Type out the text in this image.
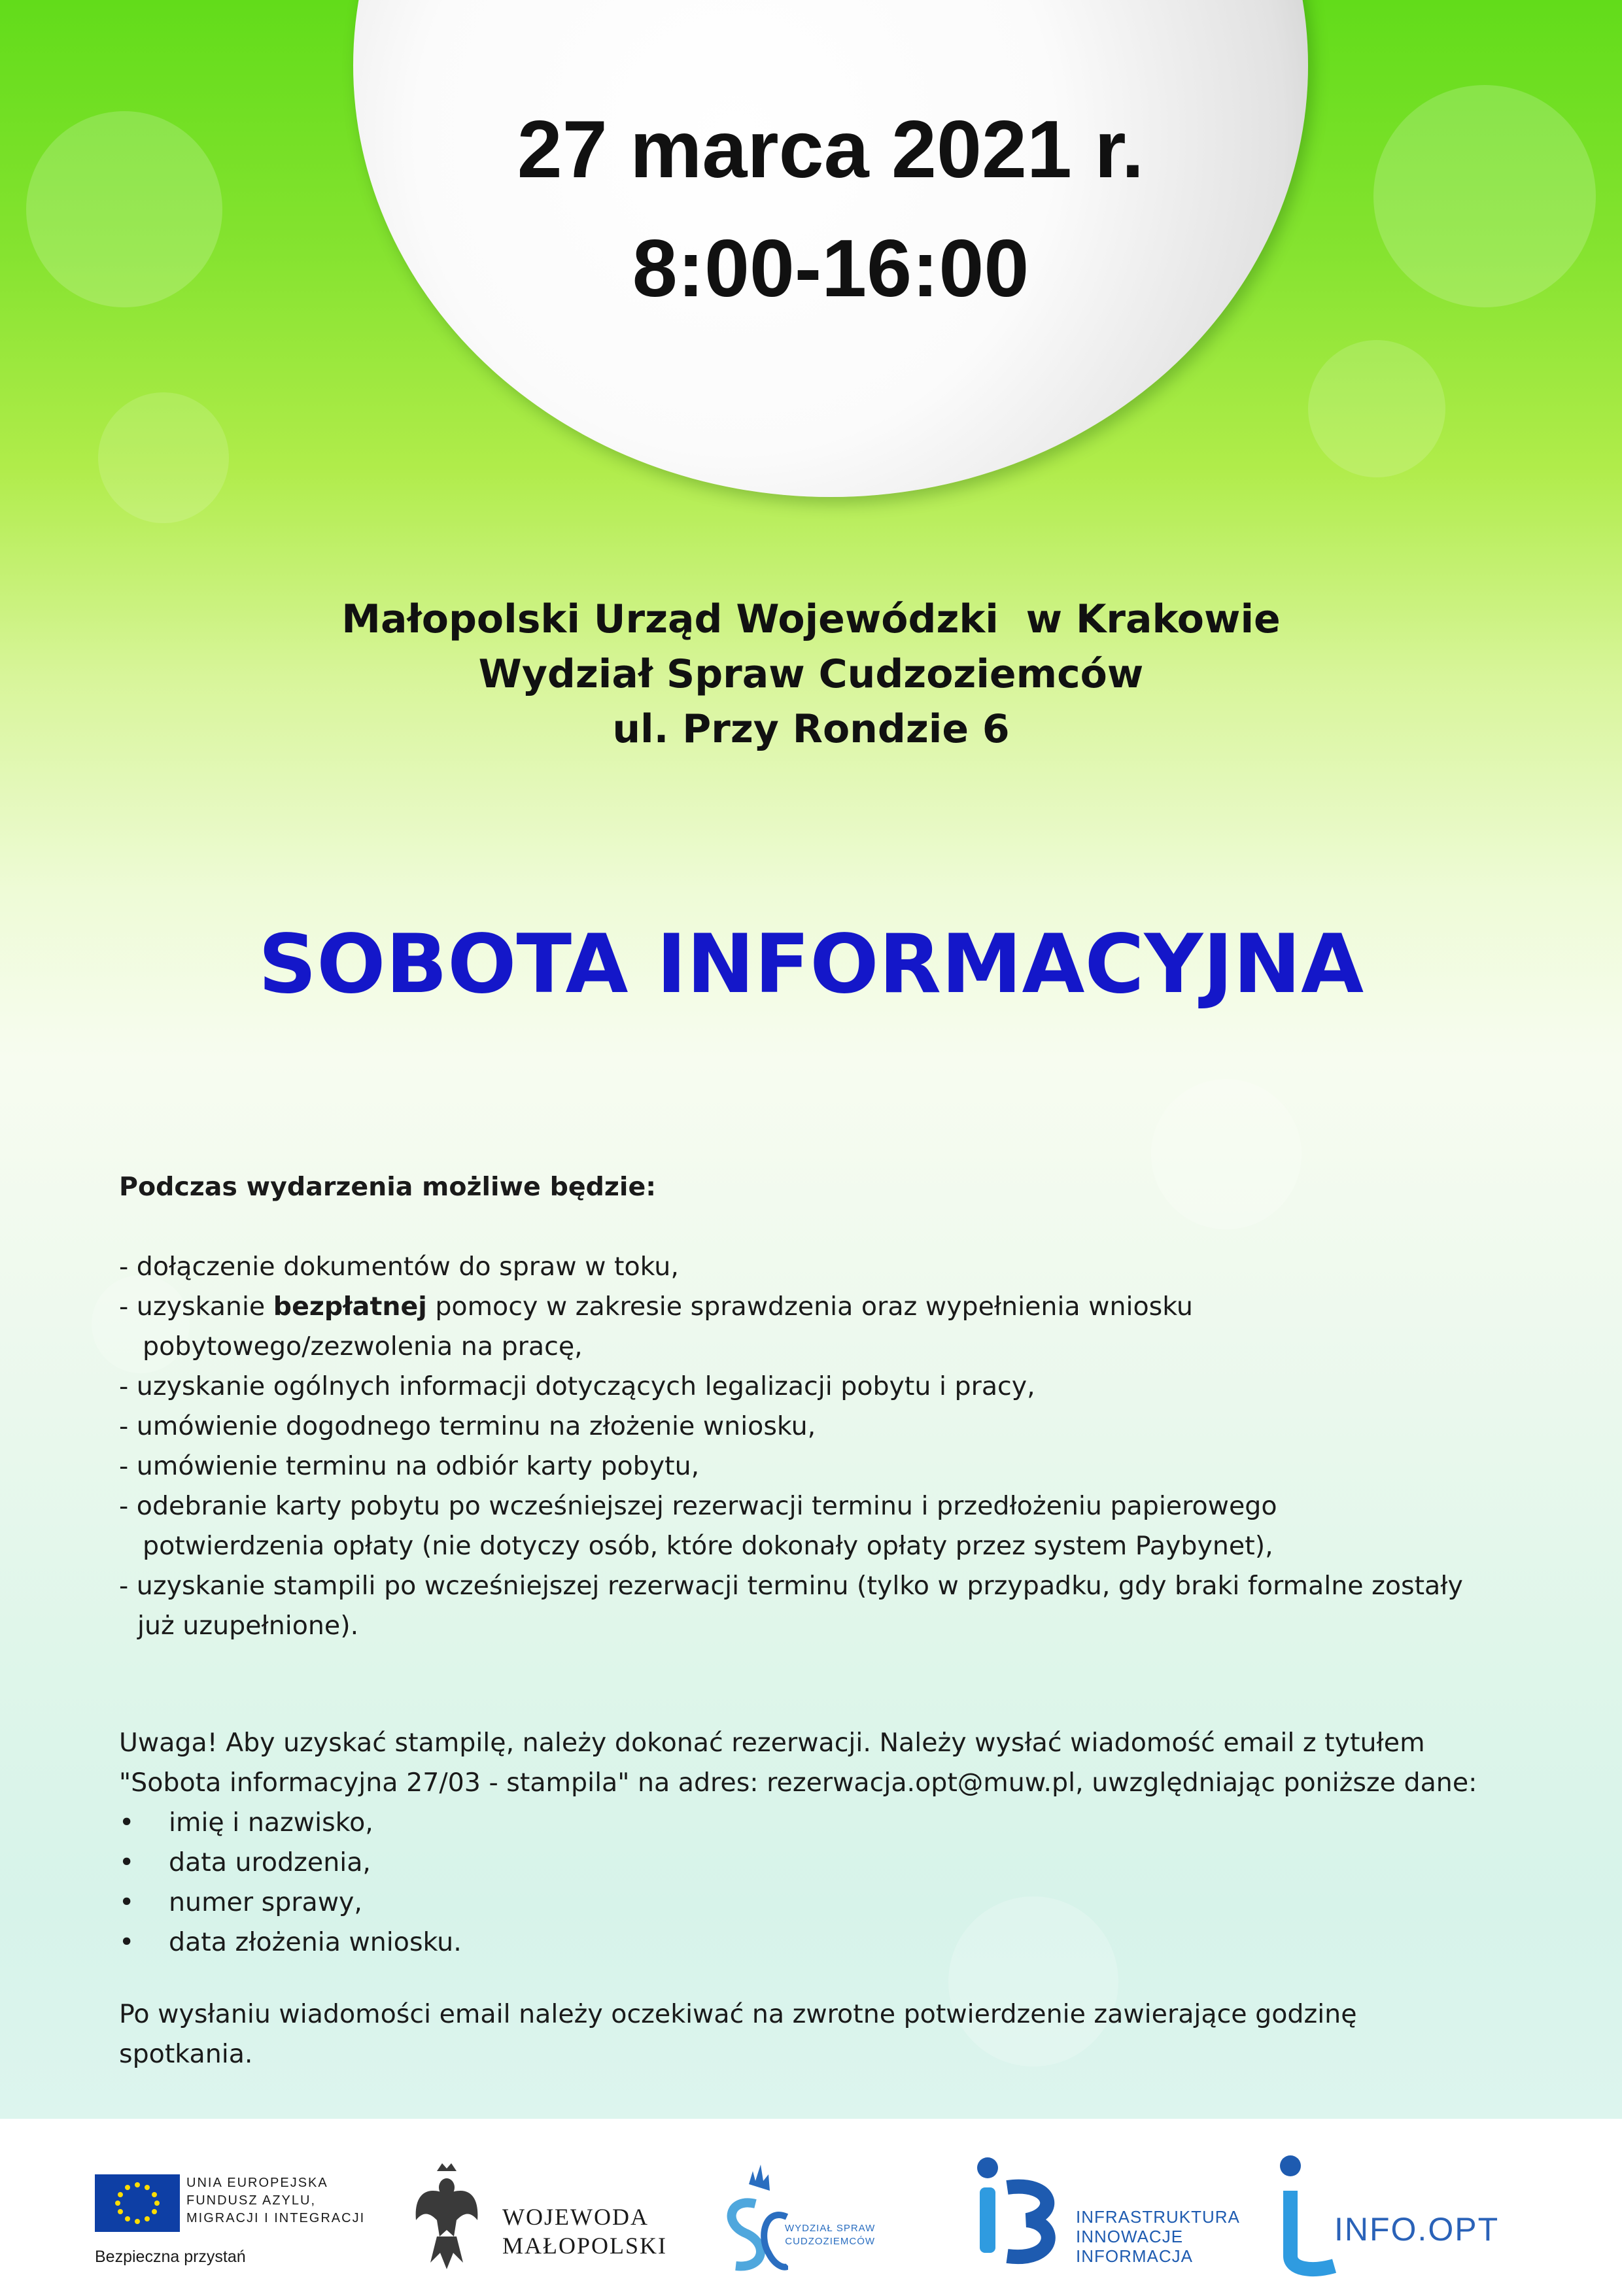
27 marca 2021 r.
8:00-16:00
Małopolski Urząd Wojewódzki  w Krakowie
Wydział Spraw Cudzoziemców
ul. Przy Rondzie 6
SOBOTA INFORMACYJNA
Podczas wydarzenia możliwe będzie:
- dołączenie dokumentów do spraw w toku,
- uzyskanie bezpłatnej pomocy w zakresie sprawdzenia oraz wypełnienia wniosku
pobytowego/zezwolenia na pracę,
- uzyskanie ogólnych informacji dotyczących legalizacji pobytu i pracy,
- umówienie dogodnego terminu na złożenie wniosku,
- umówienie terminu na odbiór karty pobytu,
- odebranie karty pobytu po wcześniejszej rezerwacji terminu i przedłożeniu papierowego
potwierdzenia opłaty (nie dotyczy osób, które dokonały opłaty przez system Paybynet),
- uzyskanie stampili po wcześniejszej rezerwacji terminu (tylko w przypadku, gdy braki formalne zostały
już uzupełnione).

Uwaga! Aby uzyskać stampilę, należy dokonać rezerwacji. Należy wysłać wiadomość email z tytułem

"Sobota informacyjna 27/03 - stampila" na adres: rezerwacja.opt@muw.pl, uwzględniając poniższe dane:

• imię i nazwisko,
• data urodzenia,
• numer sprawy,
• data złożenia wniosku.

Po wysłaniu wiadomości email należy oczekiwać na zwrotne potwierdzenie zawierające godzinę
spotkania.

UNIA EUROPEJSKA
FUNDUSZ AZYLU,
MIGRACJI I INTEGRACJI
Bezpieczna przystań
WOJEWODA
MAŁOPOLSKI
WYDZIAŁ SPRAW
CUDZOZIEMCÓW
INFRASTRUKTURA
INNOWACJE
INFORMACJA
INFO.OPT
